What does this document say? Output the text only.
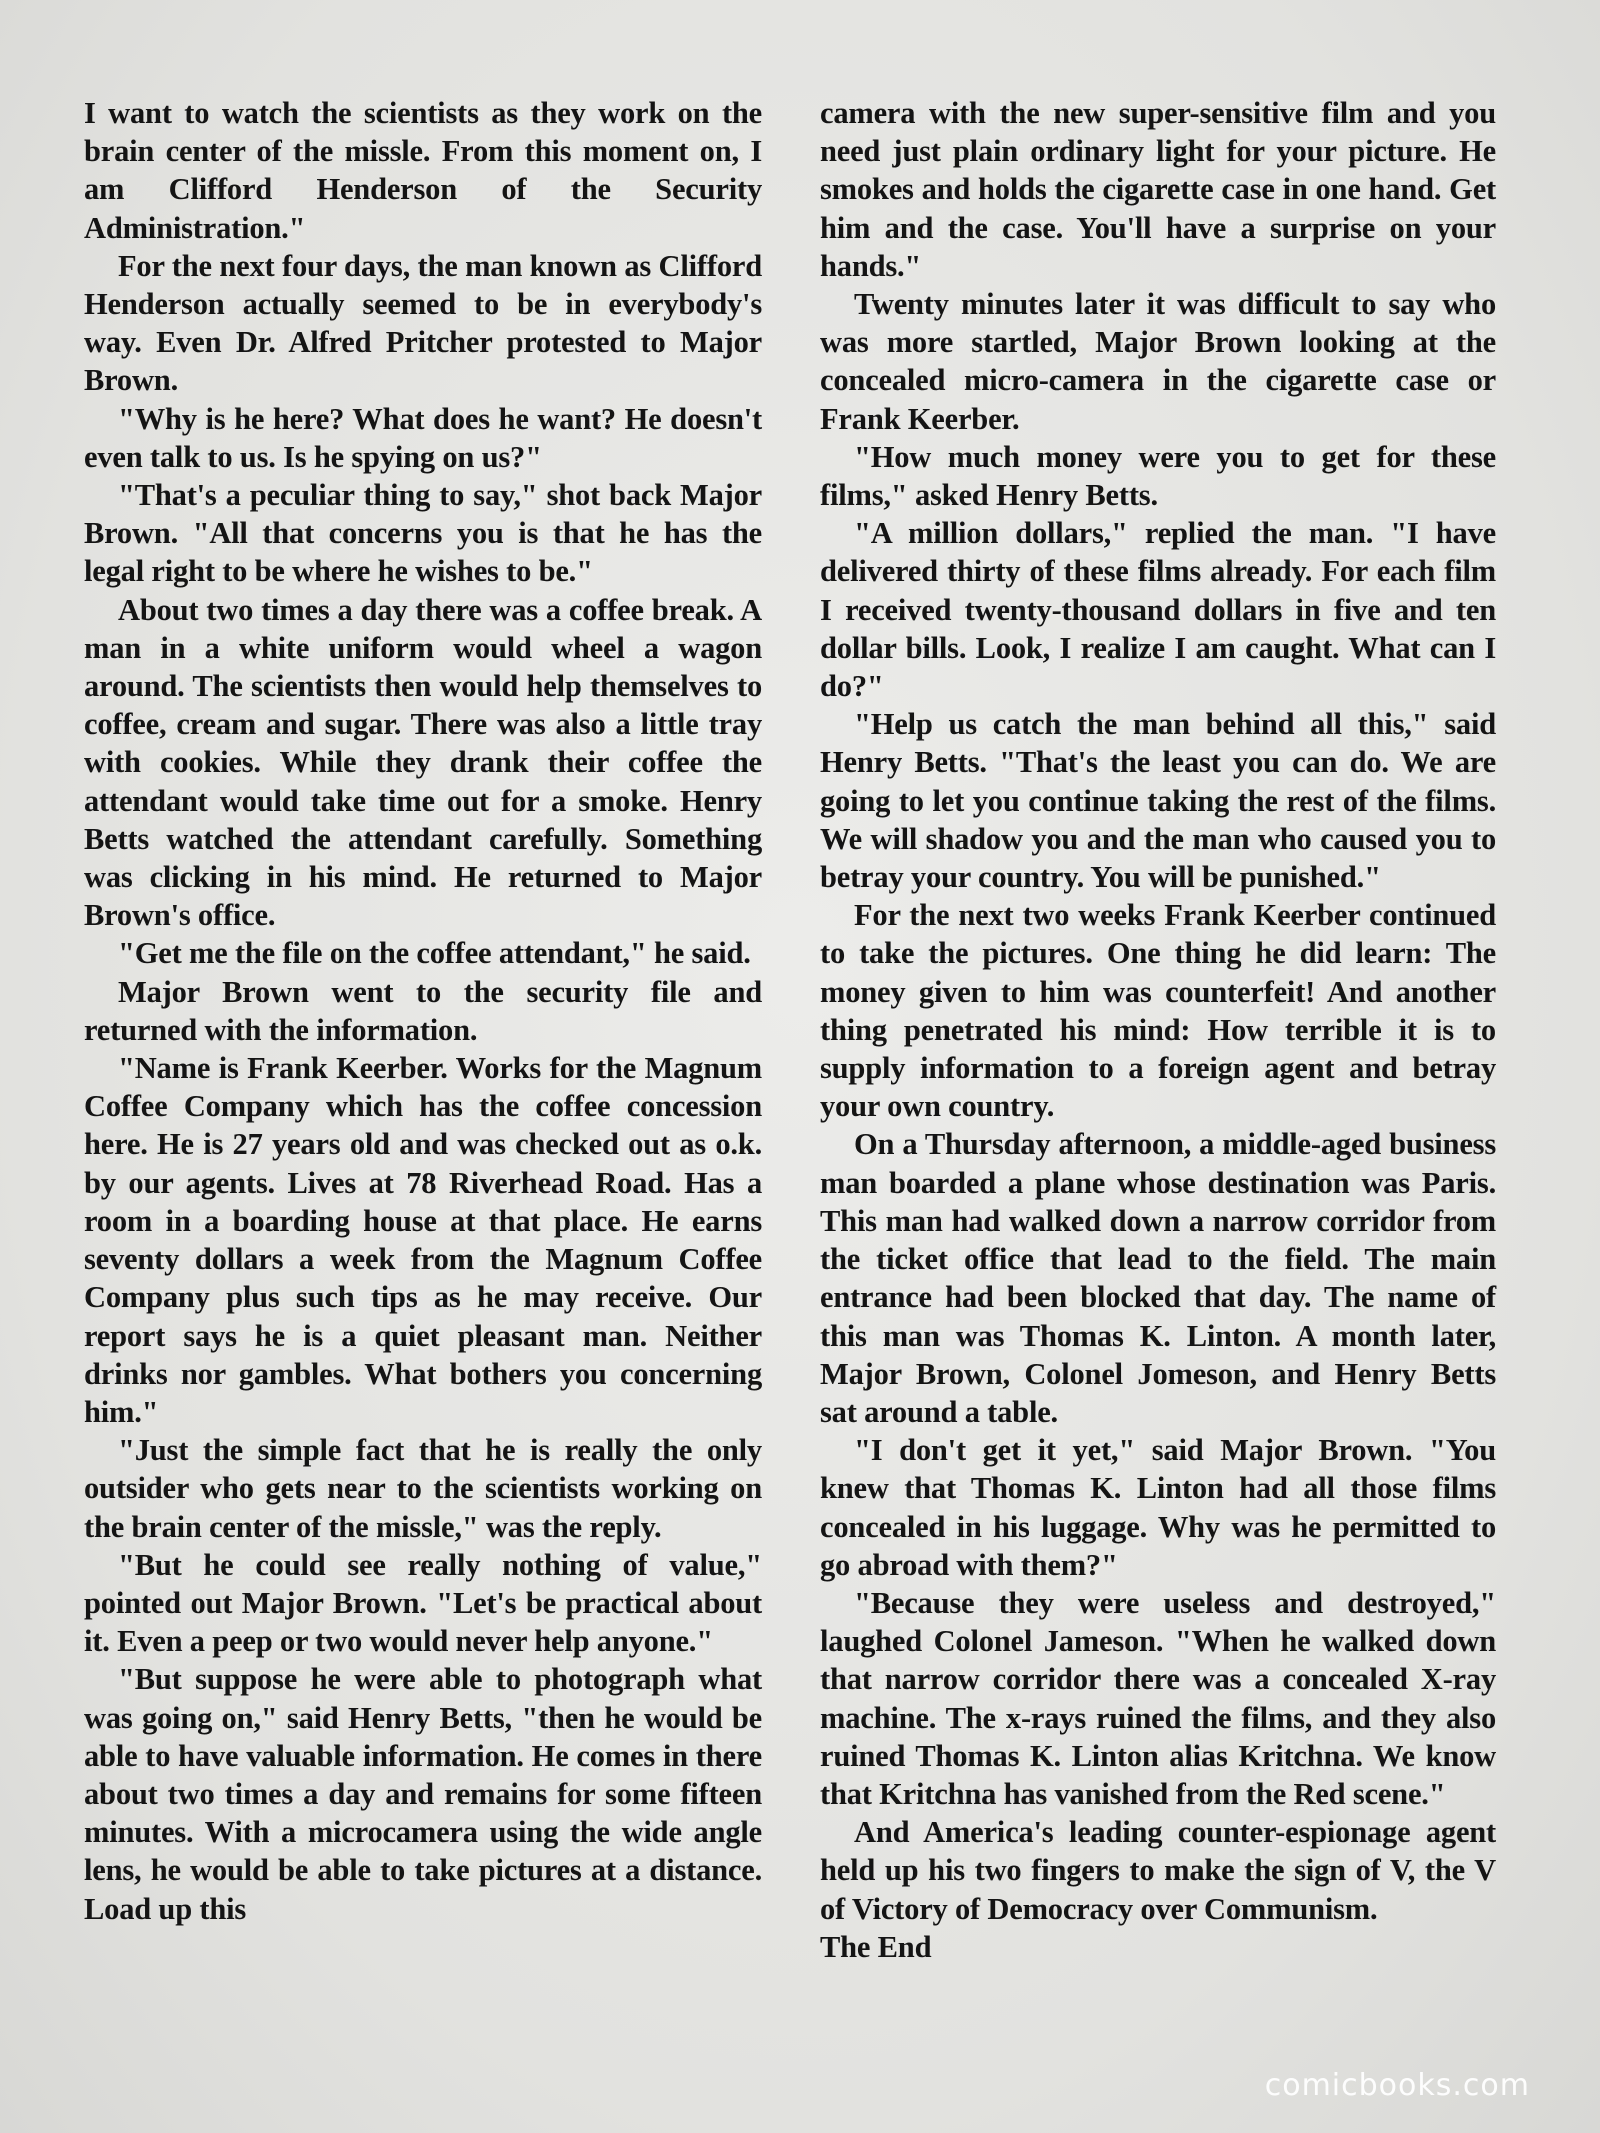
I want to watch the scientists as they work on the brain center of the missle. From this moment on, I am Clifford Henderson of the Security Administration."

For the next four days, the man known as Clifford Henderson actually seemed to be in everybody's way. Even Dr. Alfred Pritcher protested to Major Brown.

"Why is he here? What does he want? He doesn't even talk to us. Is he spying on us?"

"That's a peculiar thing to say," shot back Major Brown. "All that concerns you is that he has the legal right to be where he wishes to be."

About two times a day there was a coffee break. A man in a white uniform would wheel a wagon around. The scientists then would help themselves to coffee, cream and sugar. There was also a little tray with cookies. While they drank their coffee the attendant would take time out for a smoke. Henry Betts watched the attendant carefully. Something was clicking in his mind. He returned to Major Brown's office.

"Get me the file on the coffee attendant," he said.

Major Brown went to the security file and returned with the information.

"Name is Frank Keerber. Works for the Magnum Coffee Company which has the coffee concession here. He is 27 years old and was checked out as o.k. by our agents. Lives at 78 Riverhead Road. Has a room in a boarding house at that place. He earns seventy dollars a week from the Magnum Coffee Company plus such tips as he may receive. Our report says he is a quiet pleasant man. Neither drinks nor gambles. What bothers you concerning him."

"Just the simple fact that he is really the only outsider who gets near to the scientists working on the brain center of the missle," was the reply.

"But he could see really nothing of value," pointed out Major Brown. "Let's be practical about it. Even a peep or two would never help anyone."

"But suppose he were able to photograph what was going on," said Henry Betts, "then he would be able to have valuable information. He comes in there about two times a day and remains for some fifteen minutes. With a microcamera using the wide angle lens, he would be able to take pictures at a distance. Load up this

camera with the new super-sensitive film and you need just plain ordinary light for your picture. He smokes and holds the cigarette case in one hand. Get him and the case. You'll have a surprise on your hands."

Twenty minutes later it was difficult to say who was more startled, Major Brown looking at the concealed micro-camera in the cigarette case or Frank Keerber.

"How much money were you to get for these films," asked Henry Betts.

"A million dollars," replied the man. "I have delivered thirty of these films already. For each film I received twenty-thousand dollars in five and ten dollar bills. Look, I realize I am caught. What can I do?"

"Help us catch the man behind all this," said Henry Betts. "That's the least you can do. We are going to let you continue taking the rest of the films. We will shadow you and the man who caused you to betray your country. You will be punished."

For the next two weeks Frank Keerber continued to take the pictures. One thing he did learn: The money given to him was counterfeit! And another thing penetrated his mind: How terrible it is to supply information to a foreign agent and betray your own country.

On a Thursday afternoon, a middle-aged business man boarded a plane whose destination was Paris. This man had walked down a narrow corridor from the ticket office that lead to the field. The main entrance had been blocked that day. The name of this man was Thomas K. Linton. A month later, Major Brown, Colonel Jomeson, and Henry Betts sat around a table.

"I don't get it yet," said Major Brown. "You knew that Thomas K. Linton had all those films concealed in his luggage. Why was he permitted to go abroad with them?"

"Because they were useless and destroyed," laughed Colonel Jameson. "When he walked down that narrow corridor there was a concealed X-ray machine. The x-rays ruined the films, and they also ruined Thomas K. Linton alias Kritchna. We know that Kritchna has vanished from the Red scene."

And America's leading counter-espionage agent held up his two fingers to make the sign of V, the V of Victory of Democracy over Communism.

The End

comicbooks.com
